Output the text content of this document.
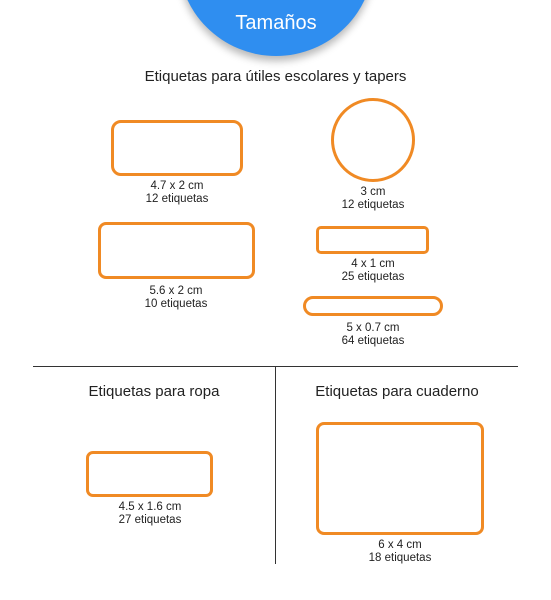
Tamaños
Etiquetas para útiles escolares y tapers
4.7 x 2 cm
12 etiquetas
3 cm
12 etiquetas
5.6 x 2 cm
10 etiquetas
4 x 1 cm
25 etiquetas
5 x 0.7 cm
64 etiquetas
Etiquetas para ropa
4.5 x 1.6 cm
27 etiquetas
Etiquetas para cuaderno
6 x 4 cm
18 etiquetas
